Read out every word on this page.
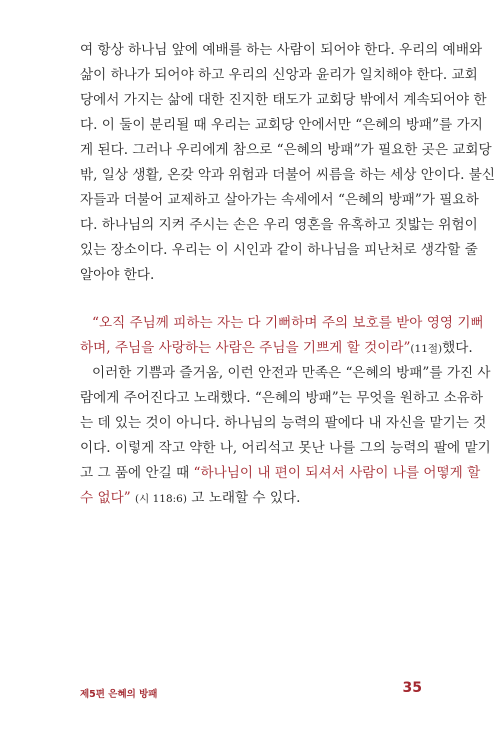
여 항상 하나님 앞에 예배를 하는 사람이 되어야 한다. 우리의 예배와
삶이 하나가 되어야 하고 우리의 신앙과 윤리가 일치해야 한다. 교회
당에서 가지는 삶에 대한 진지한 태도가 교회당 밖에서 계속되어야 한
다. 이 둘이 분리될 때 우리는 교회당 안에서만 “은혜의 방패”를 가지
게 된다. 그러나 우리에게 참으로 “은혜의 방패”가 필요한 곳은 교회당
밖, 일상 생활, 온갖 악과 위험과 더불어 씨름을 하는 세상 안이다. 불신
자들과 더불어 교제하고 살아가는 속세에서 “은혜의 방패”가 필요하
다. 하나님의 지켜 주시는 손은 우리 영혼을 유혹하고 짓밟는 위험이
있는 장소이다. 우리는 이 시인과 같이 하나님을 피난처로 생각할 줄
알아야 한다.
“오직 주님께 피하는 자는 다 기뻐하며 주의 보호를 받아 영영 기뻐
하며, 주님을 사랑하는 사람은 주님을 기쁘게 할 것이라”(11절)했다.
이러한 기쁨과 즐거움, 이런 안전과 만족은 “은혜의 방패”를 가진 사
람에게 주어진다고 노래했다. “은혜의 방패”는 무엇을 원하고 소유하
는 데 있는 것이 아니다. 하나님의 능력의 팔에다 내 자신을 맡기는 것
이다. 이렇게 작고 약한 나, 어리석고 못난 나를 그의 능력의 팔에 맡기
고 그 품에 안길 때 “하나님이 내 편이 되셔서 사람이 나를 어떻게 할
수 없다” (시 118:6) 고 노래할 수 있다.
제5편 은혜의 방패	35
